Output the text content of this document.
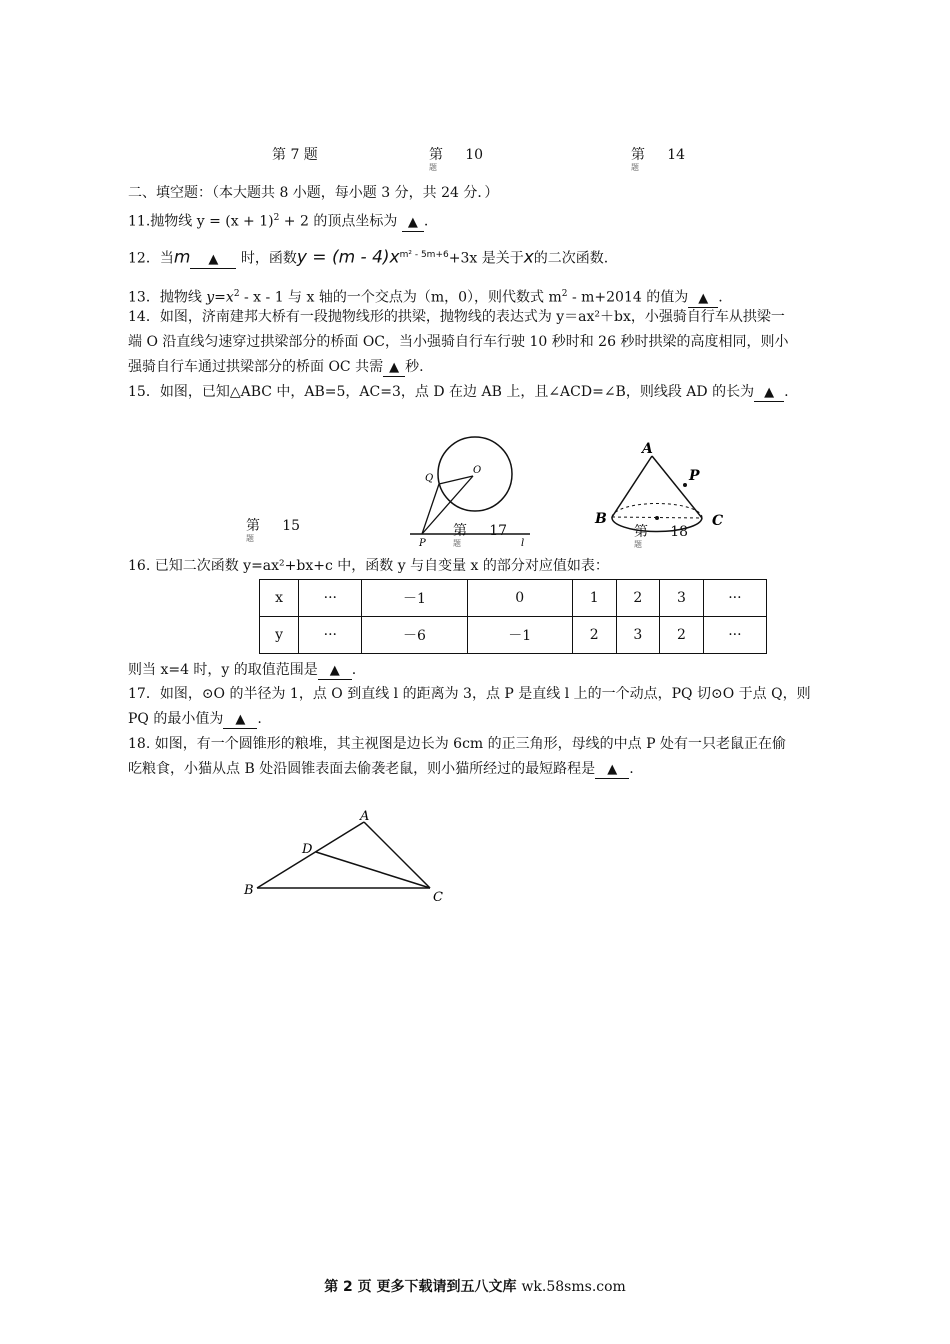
第 7 题	第 10
题
第 14
题
二、填空题：（本大题共 8 小题，每小题 3 分，共 24 分．）
11.抛物线 $y = (x + 1)^2 + 2$ 的顶点坐标为 ▲ .
12．当m ▲ 时，函数$y = (m - 4)x^{m^2 - 5m+6}+3x$ 是关于x的二次函数.
13．抛物线 $y=x^2 - x - 1$ 与 x 轴的一个交点为（m，0），则代数式 $m^2 - m+2014$ 的值为 ▲ .
14．如图，济南建邦大桥有一段抛物线形的拱梁，抛物线的表达式为 y＝ax²＋bx，小强骑自行车从拱梁一
端 O 沿直线匀速穿过拱梁部分的桥面 OC，当小强骑自行车行驶 10 秒时和 26 秒时拱梁的高度相同，则小
强骑自行车通过拱梁部分的桥面 OC 共需 ▲ 秒.
15．如图，已知△ABC 中，AB=5，AC=3，点 D 在边 AB 上，且∠ACD=∠B，则线段 AD 的长为 ▲ .
第 15
题
Q
O
P	l
第 17
题
A
P
B	C
第 18
题
16. 已知二次函数 y=ax²+bx+c 中，函数 y 与自变量 x 的部分对应值如表：
x	···	－1	0	1	2	3	···
y	···	－6	－1	2	3	2	···
则当 x=4 时，y 的取值范围是 ▲ .
17．如图，⊙O 的半径为 1，点 O 到直线 l 的距离为 3，点 P 是直线 l 上的一个动点，PQ 切⊙O 于点 Q，则
PQ 的最小值为 ▲ .
18. 如图，有一个圆锥形的粮堆，其主视图是边长为 6cm 的正三角形，母线的中点 P 处有一只老鼠正在偷
吃粮食，小猫从点 B 处沿圆锥表面去偷袭老鼠，则小猫所经过的最短路程是 ▲ .
A
D
B	C
第 2 页 更多下载请到五八文库 wk.58sms.com
